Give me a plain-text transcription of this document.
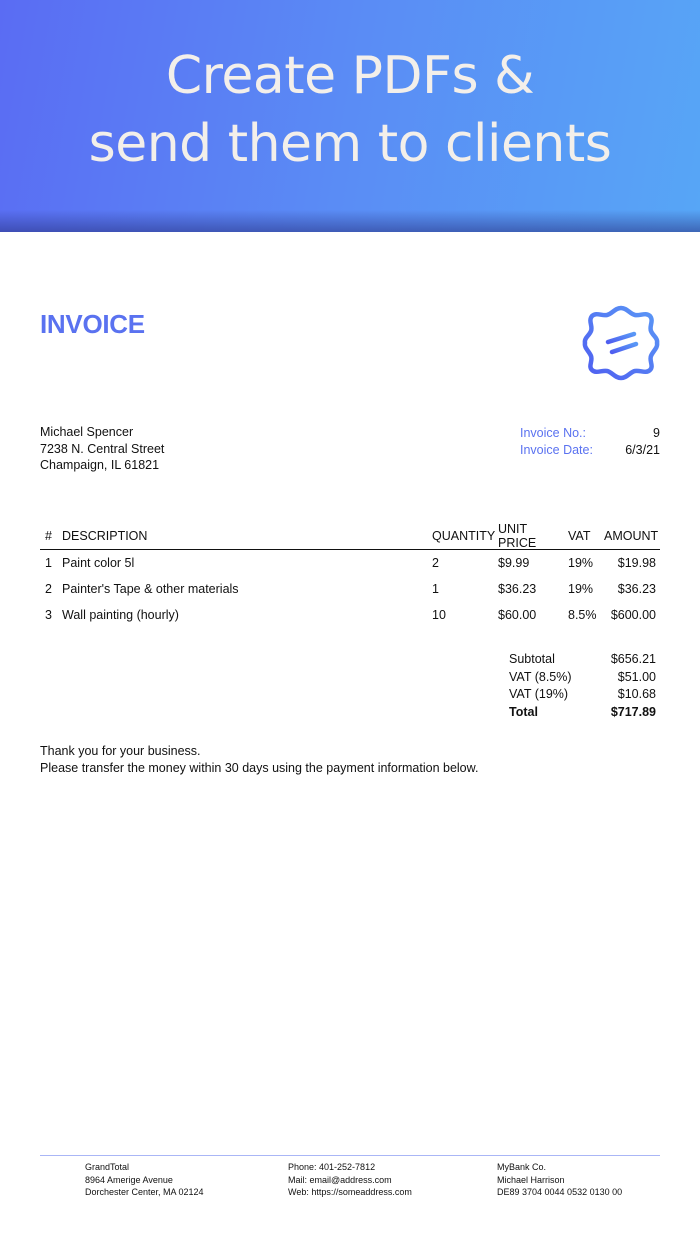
Create PDFs &
send them to clients
INVOICE
Michael Spencer
7238 N. Central Street
Champaign, IL 61821
Invoice No.:	9
Invoice Date:	6/3/21
# DESCRIPTION	QUANTITY UNIT PRICE	VAT	AMOUNT
1 Paint color 5l	2	$9.99	19%	$19.98
2 Painter's Tape & other materials	1	$36.23	19%	$36.23
3 Wall painting (hourly)	10	$60.00	8.5%	$600.00
Subtotal	$656.21
VAT (8.5%)	$51.00
VAT (19%)	$10.68
Total	$717.89
Thank you for your business.
Please transfer the money within 30 days using the payment information below.
GrandTotal
8964 Amerige Avenue
Dorchester Center, MA 02124
Phone: 401-252-7812
Mail: email@address.com
Web: https://someaddress.com
MyBank Co.
Michael Harrison
DE89 3704 0044 0532 0130 00
